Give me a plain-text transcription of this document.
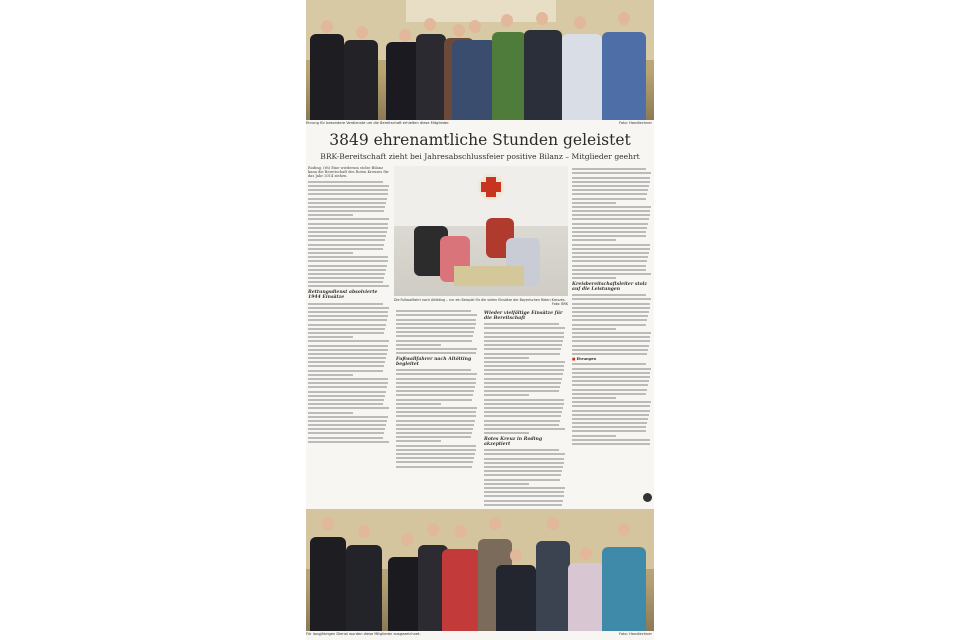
Ehrung für besondere Verdienste um die Bereitschaft erhielten diese Mitglieder.	Foto: Handlechner
3849 ehrenamtliche Stunden geleistet
BRK-Bereitschaft zieht bei Jahresabschlussfeier positive Bilanz – Mitglieder geehrt
Roding. (rh) Eine wiederum stolze Bilanz kann die Bereitschaft des Roten Kreuzes für das Jahr 2014 ziehen.
Rettungsdienst absolvierte 1944 Einsätze	Die Fußwallfahrt nach Altötting – nur ein Beispiel für die vielen Einsätze der Bayerischen Roten Kreuzes.
Foto: BRK
Fußwallfahrer nach Altötting begleitet
Wieder vielfältige Einsätze für die Bereitschaft
Rotes Kreuz in Roding akzeptiert
Kreisbereitschaftsleiter stolz auf die Leistungen
■ Ehrungen
Für langjährigen Dienst wurden diese Mitglieder ausgezeichnet.	Foto: Handlechner
